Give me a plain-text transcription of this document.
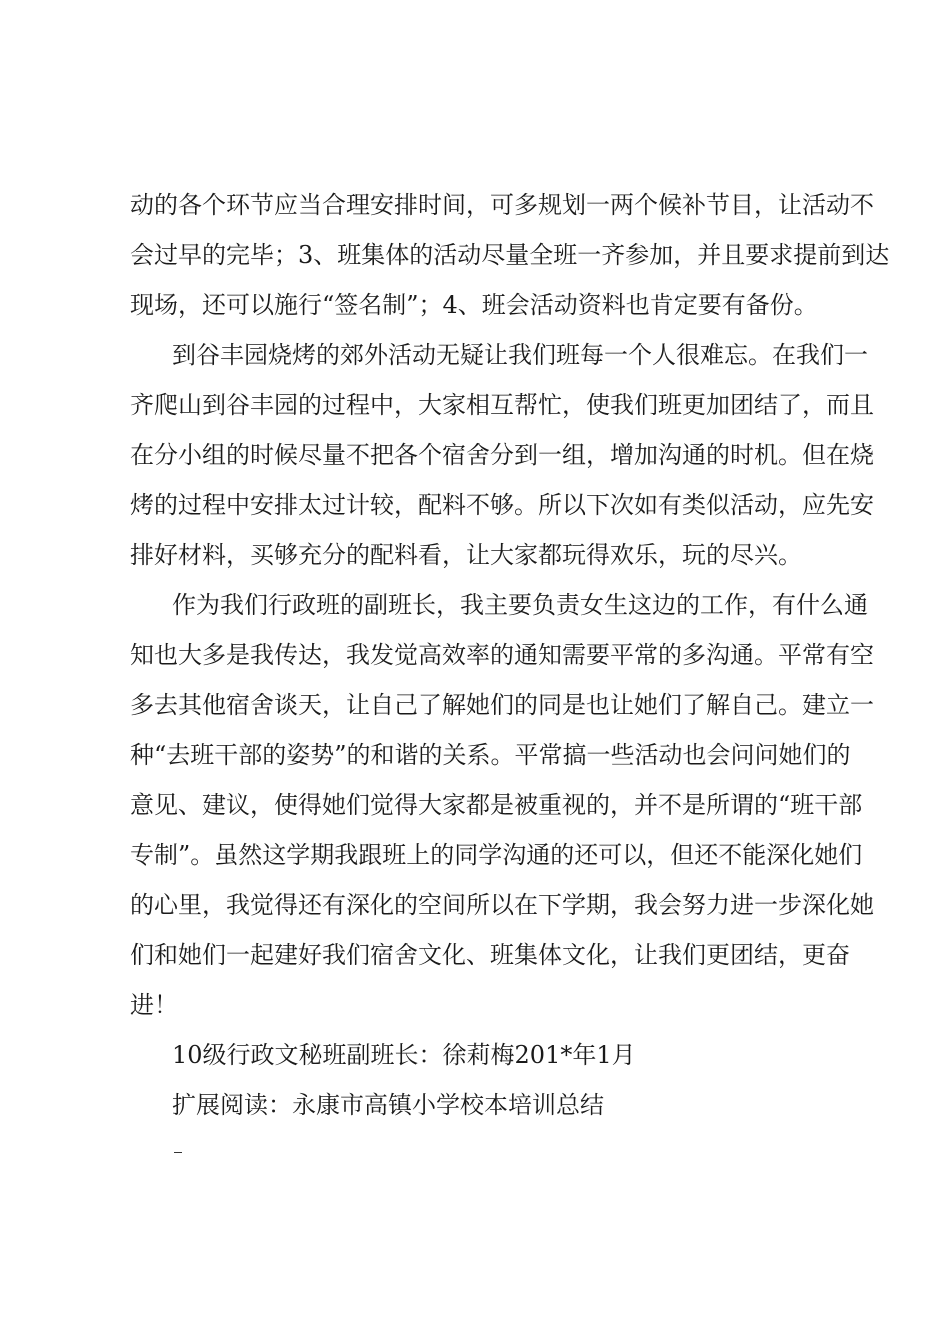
动的各个环节应当合理安排时间，可多规划一两个候补节目，让活动不
会过早的完毕；3、班集体的活动尽量全班一齐参加，并且要求提前到达
现场，还可以施行“签名制”；4、班会活动资料也肯定要有备份。
到谷丰园烧烤的郊外活动无疑让我们班每一个人很难忘。在我们一
齐爬山到谷丰园的过程中，大家相互帮忙，使我们班更加团结了，而且
在分小组的时候尽量不把各个宿舍分到一组，增加沟通的时机。但在烧
烤的过程中安排太过计较，配料不够。所以下次如有类似活动，应先安
排好材料，买够充分的配料看，让大家都玩得欢乐，玩的尽兴。
作为我们行政班的副班长，我主要负责女生这边的工作，有什么通
知也大多是我传达，我发觉高效率的通知需要平常的多沟通。平常有空
多去其他宿舍谈天，让自己了解她们的同是也让她们了解自己。建立一
种“去班干部的姿势”的和谐的关系。平常搞一些活动也会问问她们的
意见、建议，使得她们觉得大家都是被重视的，并不是所谓的“班干部
专制”。虽然这学期我跟班上的同学沟通的还可以，但还不能深化她们
的心里，我觉得还有深化的空间所以在下学期，我会努力进一步深化她
们和她们一起建好我们宿舍文化、班集体文化，让我们更团结，更奋
进！
10级行政文秘班副班长：徐莉梅201*年1月
扩展阅读：永康市高镇小学校本培训总结
